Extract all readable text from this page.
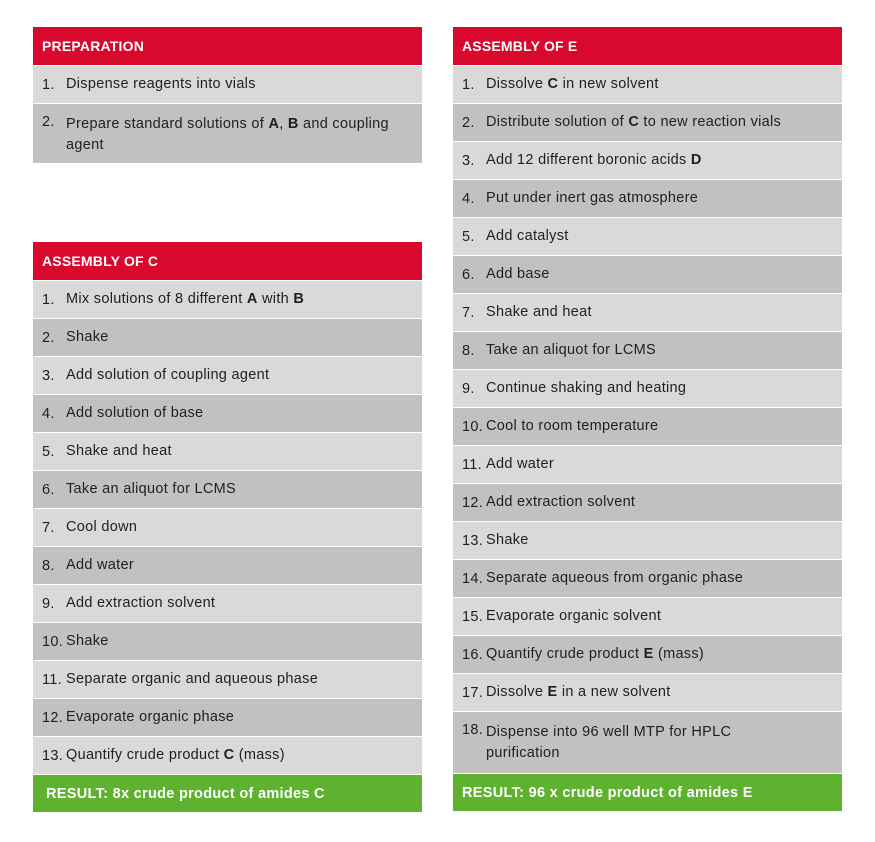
PREPARATION
1. Dispense reagents into vials
2. Prepare standard solutions of A, B and coupling agent
ASSEMBLY OF C
1. Mix solutions of 8 different A with B
2. Shake
3. Add solution of coupling agent
4. Add solution of base
5. Shake and heat
6. Take an aliquot for LCMS
7. Cool down
8. Add water
9. Add extraction solvent
10. Shake
11. Separate organic and aqueous phase
12. Evaporate organic phase
13. Quantify crude product C (mass)
RESULT: 8x crude product of amides C
ASSEMBLY OF E
1. Dissolve C in new solvent
2. Distribute solution of C to new reaction vials
3. Add 12 different boronic acids D
4. Put under inert gas atmosphere
5. Add catalyst
6. Add base
7. Shake and heat
8. Take an aliquot for LCMS
9. Continue shaking and heating
10. Cool to room temperature
11. Add water
12. Add extraction solvent
13. Shake
14. Separate aqueous from organic phase
15. Evaporate organic solvent
16. Quantify crude product E (mass)
17. Dissolve E in a new solvent
18. Dispense into 96 well MTP for HPLC purification
RESULT: 96 x crude product of amides E
